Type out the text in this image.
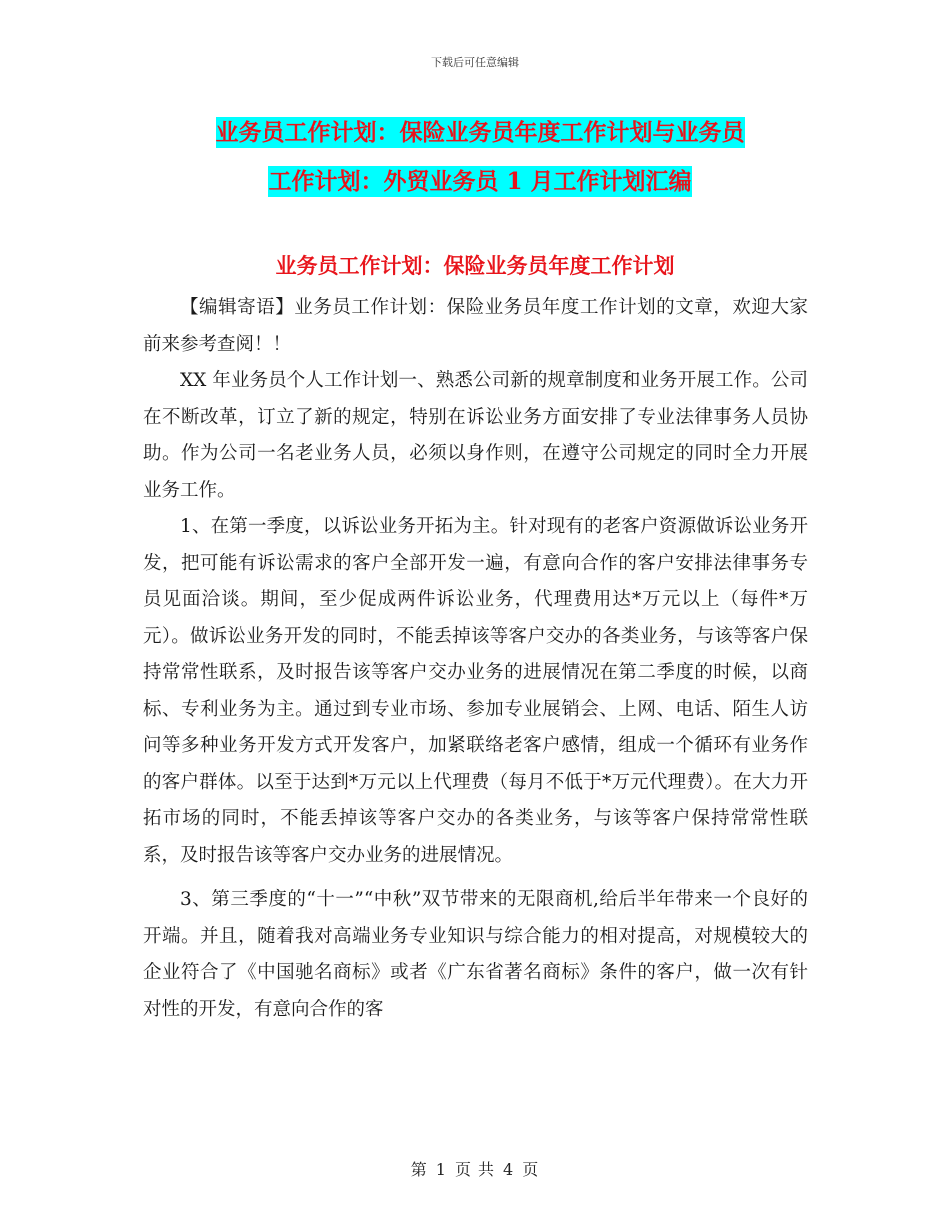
下载后可任意编辑
业务员工作计划：保险业务员年度工作计划与业务员
工作计划：外贸业务员 1 月工作计划汇编
业务员工作计划：保险业务员年度工作计划

【编辑寄语】业务员工作计划：保险业务员年度工作计划的文章，欢迎大家前来参考查阅！！

XX 年业务员个人工作计划一、熟悉公司新的规章制度和业务开展工作。公司在不断改革，订立了新的规定，特别在诉讼业务方面安排了专业法律事务人员协助。作为公司一名老业务人员，必须以身作则，在遵守公司规定的同时全力开展业务工作。

1、在第一季度，以诉讼业务开拓为主。针对现有的老客户资源做诉讼业务开发，把可能有诉讼需求的客户全部开发一遍，有意向合作的客户安排法律事务专员见面洽谈。期间，至少促成两件诉讼业务，代理费用达*万元以上（每件*万元）。做诉讼业务开发的同时，不能丢掉该等客户交办的各类业务，与该等客户保持常常性联系，及时报告该等客户交办业务的进展情况在第二季度的时候，以商标、专利业务为主。通过到专业市场、参加专业展销会、上网、电话、陌生人访问等多种业务开发方式开发客户，加紧联络老客户感情，组成一个循环有业务作的客户群体。以至于达到*万元以上代理费（每月不低于*万元代理费）。在大力开拓市场的同时，不能丢掉该等客户交办的各类业务，与该等客户保持常常性联系，及时报告该等客户交办业务的进展情况。

3、第三季度的“十一”“中秋”双节带来的无限商机,给后半年带来一个良好的开端。并且，随着我对高端业务专业知识与综合能力的相对提高，对规模较大的企业符合了《中国驰名商标》或者《广东省著名商标》条件的客户，做一次有针对性的开发，有意向合作的客

第 1 页 共 4 页
